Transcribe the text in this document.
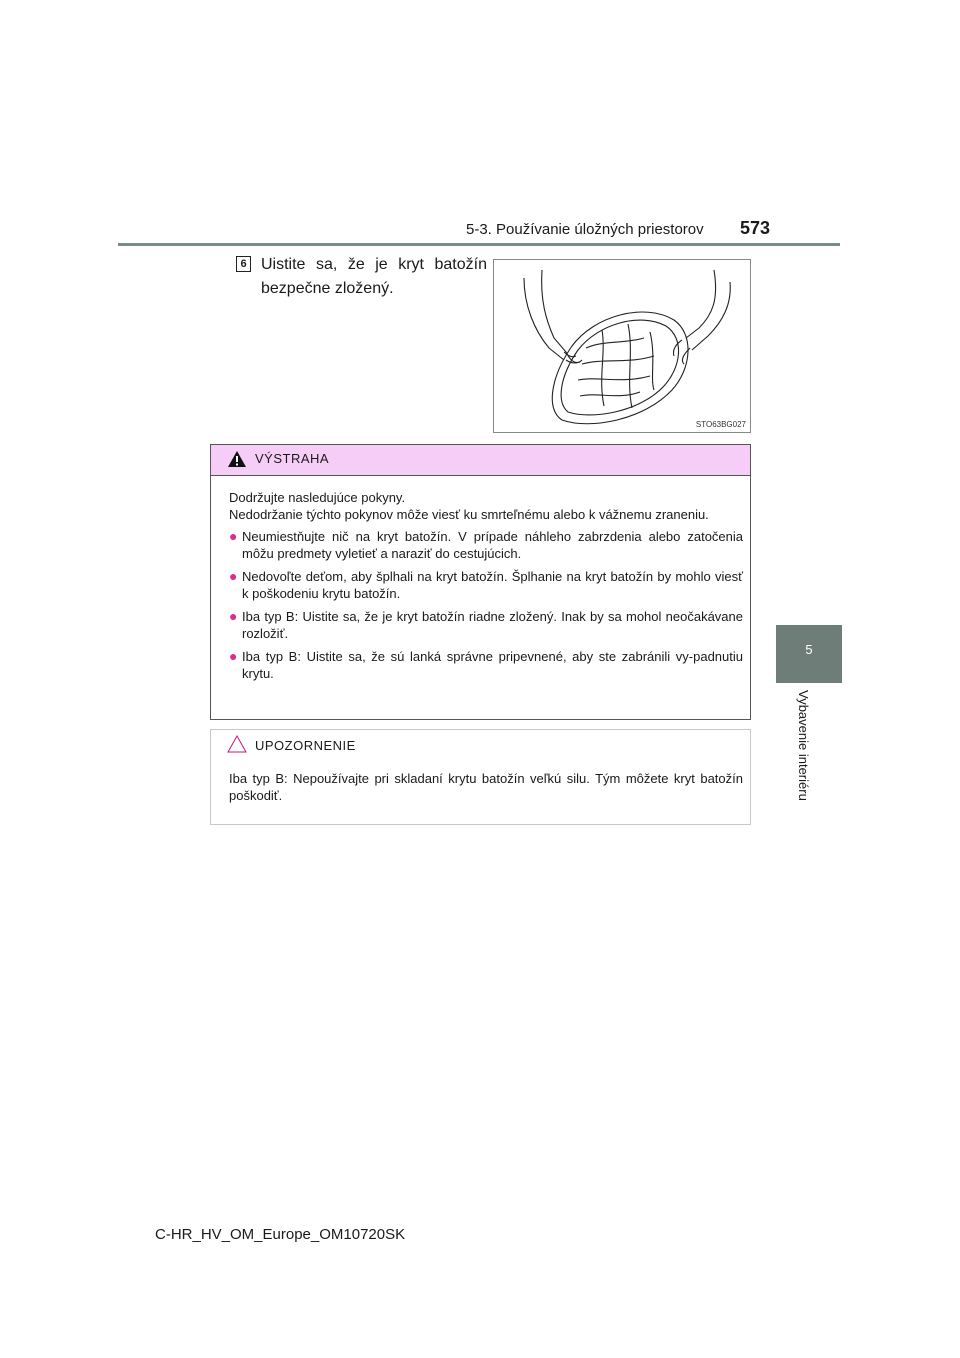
5-3. Používanie úložných priestorov 573
5
Vybavenie interiéru
6 Uistite sa, že je kryt batožín bezpečne zložený.
STO63BG027
VÝSTRAHA

Dodržujte nasledujúce pokyny.

Nedodržanie týchto pokynov môže viesť ku smrteľnému alebo k vážnemu zraneniu.

● Neumiestňujte nič na kryt batožín. V prípade náhleho zabrzdenia alebo zatočenia môžu predmety vyletieť a naraziť do cestujúcich.
● Nedovoľte deťom, aby šplhali na kryt batožín. Šplhanie na kryt batožín by mohlo viesť k poškodeniu krytu batožín.
● Iba typ B: Uistite sa, že je kryt batožín riadne zložený. Inak by sa mohol neočakávane rozložiť.
● Iba typ B: Uistite sa, že sú lanká správne pripevnené, aby ste zabránili vy-padnutiu krytu.
UPOZORNENIE
Iba typ B: Nepoužívajte pri skladaní krytu batožín veľkú silu. Tým môžete kryt batožín poškodiť.
C-HR_HV_OM_Europe_OM10720SK
